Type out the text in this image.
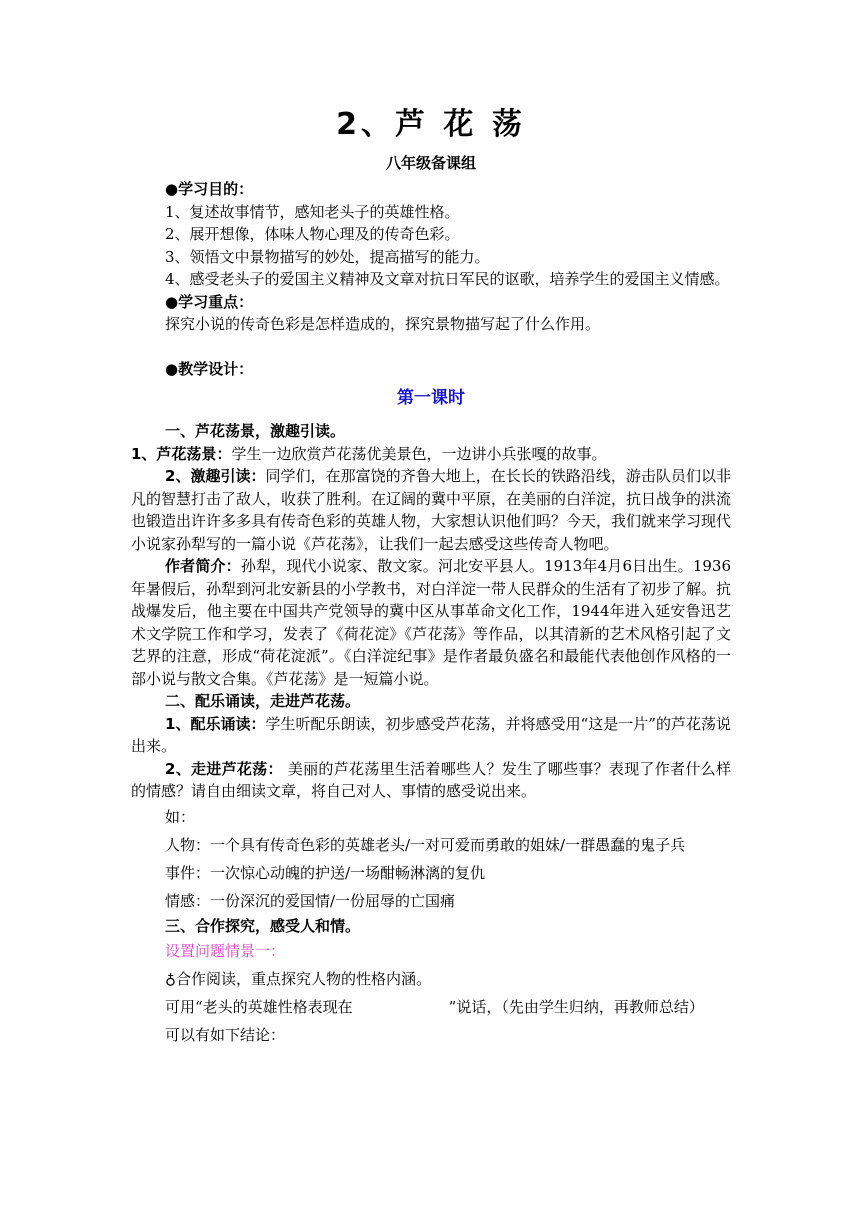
2、芦 花 荡
八年级备课组

●学习目的：

1、复述故事情节，感知老头子的英雄性格。

2、展开想像，体味人物心理及的传奇色彩。

3、领悟文中景物描写的妙处，提高描写的能力。

4、感受老头子的爱国主义精神及文章对抗日军民的讴歌，培养学生的爱国主义情感。

●学习重点：

探究小说的传奇色彩是怎样造成的，探究景物描写起了什么作用。

●教学设计：

第一课时

一、芦花荡景，激趣引读。

1、芦花荡景：学生一边欣赏芦花荡优美景色，一边讲小兵张嘎的故事。

2、激趣引读：同学们，在那富饶的齐鲁大地上，在长长的铁路沿线，游击队员们以非凡的智慧打击了敌人，收获了胜利。在辽阔的冀中平原，在美丽的白洋淀，抗日战争的洪流也锻造出许许多多具有传奇色彩的英雄人物，大家想认识他们吗？今天，我们就来学习现代小说家孙犁写的一篇小说《芦花荡》，让我们一起去感受这些传奇人物吧。

作者简介：孙犁，现代小说家、散文家。河北安平县人。1913年4月6日出生。1936年暑假后，孙犁到河北安新县的小学教书，对白洋淀一带人民群众的生活有了初步了解。抗战爆发后，他主要在中国共产党领导的冀中区从事革命文化工作，1944年进入延安鲁迅艺术文学院工作和学习，发表了《荷花淀》《芦花荡》等作品，以其清新的艺术风格引起了文艺界的注意，形成“荷花淀派”。《白洋淀纪事》是作者最负盛名和最能代表他创作风格的一部小说与散文合集。《芦花荡》是一短篇小说。

二、配乐诵读，走进芦花荡。

1、配乐诵读：学生听配乐朗读，初步感受芦花荡，并将感受用“这是一片”的芦花荡说出来。

2、走进芦花荡： 美丽的芦花荡里生活着哪些人？发生了哪些事？表现了作者什么样的情感？请自由细读文章，将自己对人、事情的感受说出来。

如：

人物：一个具有传奇色彩的英雄老头/一对可爱而勇敢的姐妹/一群愚蠢的鬼子兵

事件：一次惊心动魄的护送/一场酣畅淋漓的复仇

情感：一份深沉的爱国情/一份屈辱的亡国痛

三、合作探究，感受人和情。

设置问题情景一：

♁合作阅读，重点探究人物的性格内涵。

可用“老头的英雄性格表现在	”说话，（先由学生归纳，再教师总结）

可以有如下结论：
